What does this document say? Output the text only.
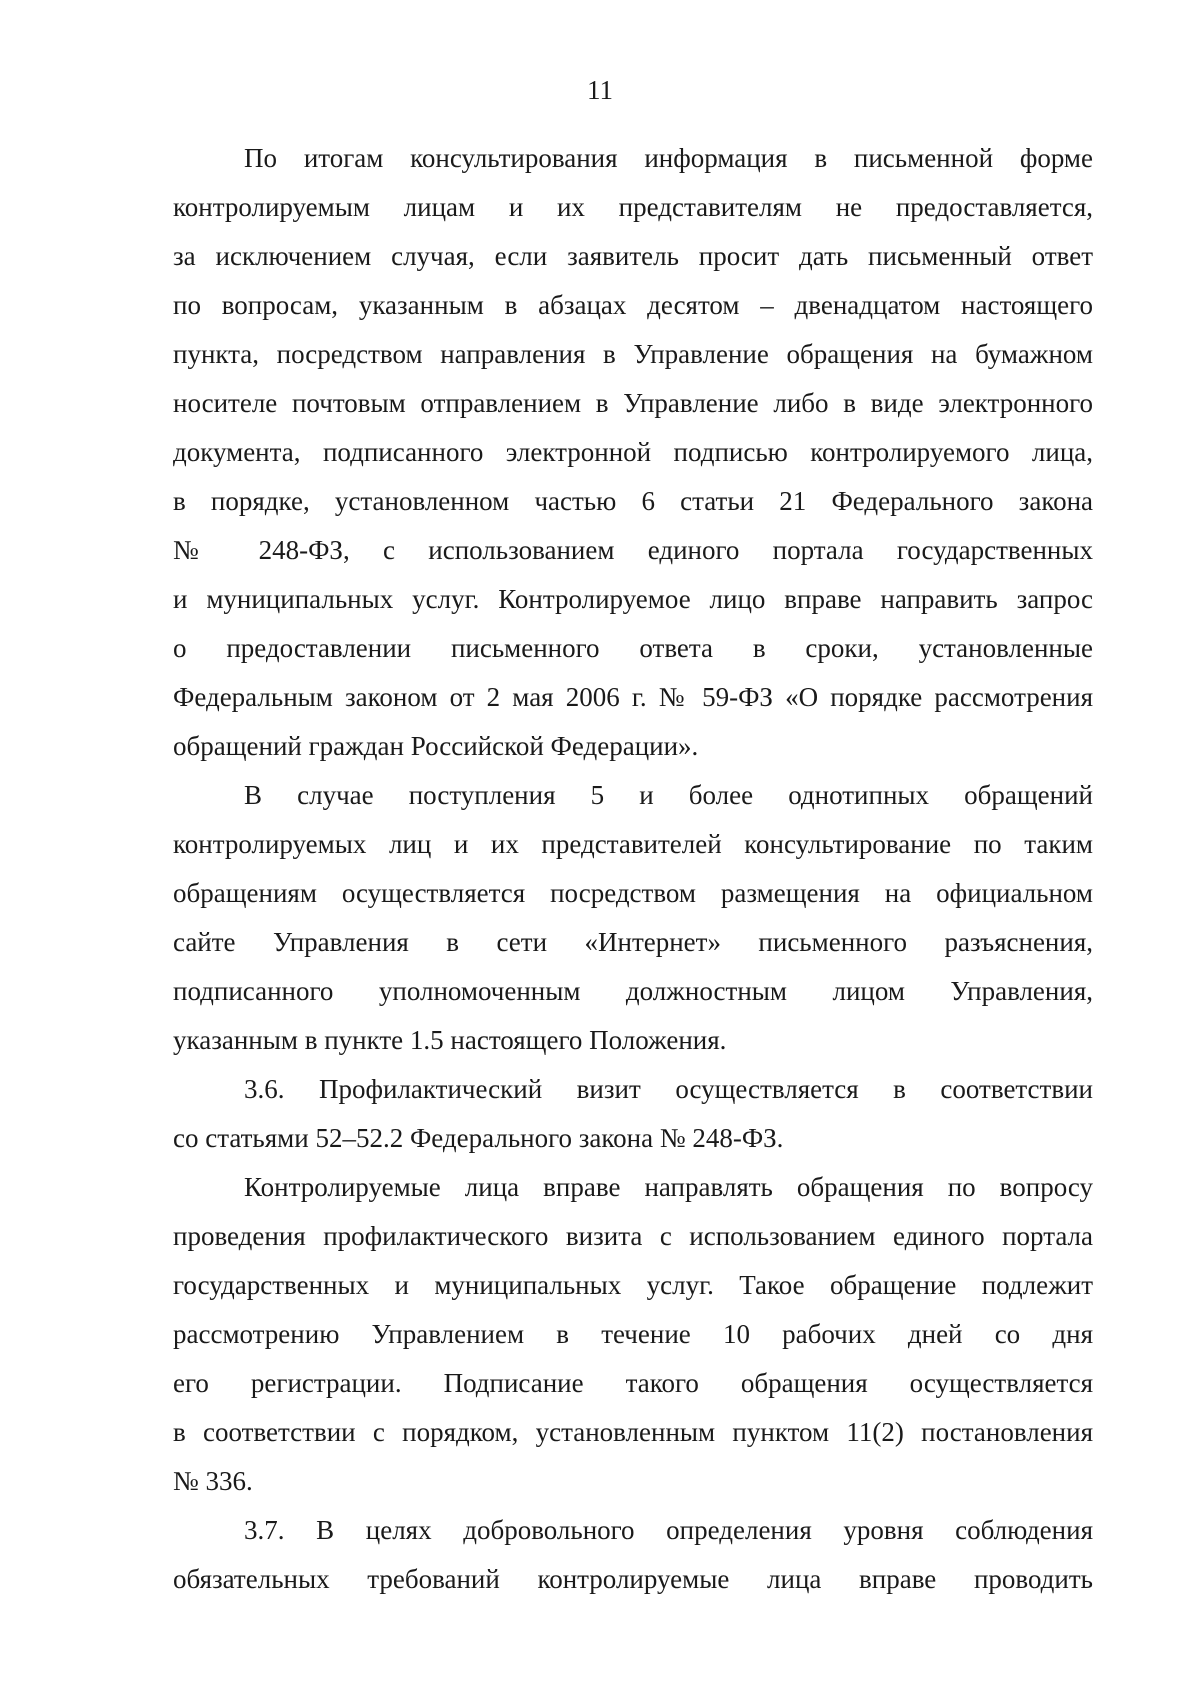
11
По итогам консультирования информация в письменной форме
контролируемым лицам и их представителям не предоставляется,
за исключением случая, если заявитель просит дать письменный ответ
по вопросам, указанным в абзацах десятом – двенадцатом настоящего
пункта, посредством направления в Управление обращения на бумажном
носителе почтовым отправлением в Управление либо в виде электронного
документа, подписанного электронной подписью контролируемого лица,
в порядке, установленном частью 6 статьи 21 Федерального закона
№ 248-ФЗ, с использованием единого портала государственных
и муниципальных услуг. Контролируемое лицо вправе направить запрос
о предоставлении письменного ответа в сроки, установленные
Федеральным законом от 2 мая 2006 г. № 59-ФЗ «О порядке рассмотрения
обращений граждан Российской Федерации».
В случае поступления 5 и более однотипных обращений
контролируемых лиц и их представителей консультирование по таким
обращениям осуществляется посредством размещения на официальном
сайте Управления в сети «Интернет» письменного разъяснения,
подписанного уполномоченным должностным лицом Управления,
указанным в пункте 1.5 настоящего Положения.
3.6. Профилактический визит осуществляется в соответствии
со статьями 52–52.2 Федерального закона № 248-ФЗ.
Контролируемые лица вправе направлять обращения по вопросу
проведения профилактического визита с использованием единого портала
государственных и муниципальных услуг. Такое обращение подлежит
рассмотрению Управлением в течение 10 рабочих дней со дня
его регистрации. Подписание такого обращения осуществляется
в соответствии с порядком, установленным пунктом 11(2) постановления
№ 336.
3.7. В целях добровольного определения уровня соблюдения
обязательных требований контролируемые лица вправе проводить
